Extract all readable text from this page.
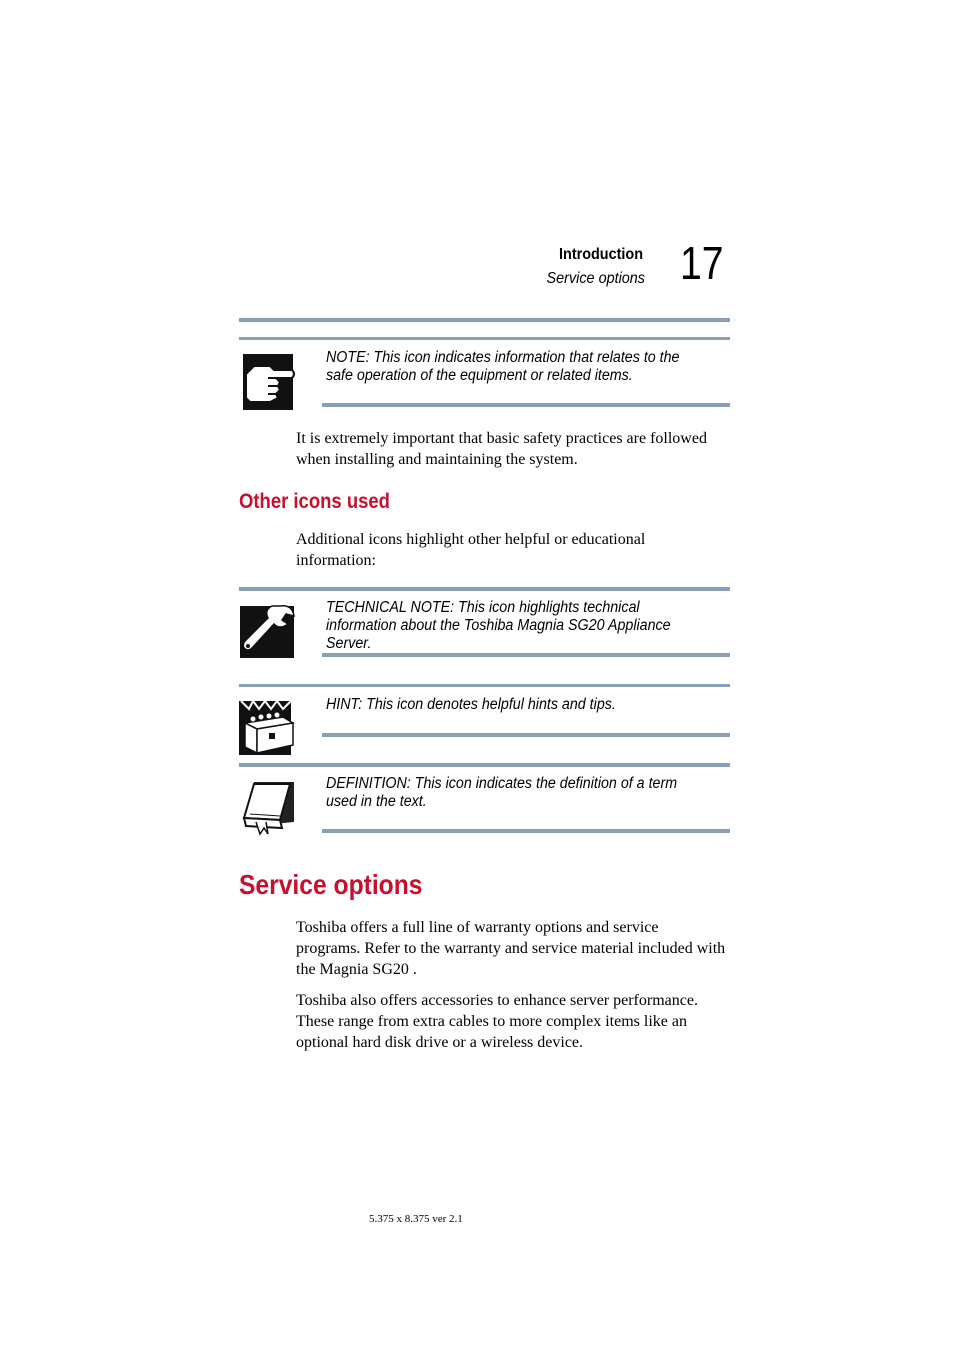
Introduction
Service options 17
NOTE: This icon indicates information that relates to the safe operation of the equipment or related items.

It is extremely important that basic safety practices are followed when installing and maintaining the system.

Other icons used

Additional icons highlight other helpful or educational information:

TECHNICAL NOTE: This icon highlights technical information about the Toshiba Magnia SG20 Appliance Server.
HINT: This icon denotes helpful hints and tips.
DEFINITION: This icon indicates the definition of a term used in the text.
Service options

Toshiba offers a full line of warranty options and service programs. Refer to the warranty and service material included with the Magnia SG20 .

Toshiba also offers accessories to enhance server performance. These range from extra cables to more complex items like an optional hard disk drive or a wireless device.

5.375 x 8.375 ver 2.1
